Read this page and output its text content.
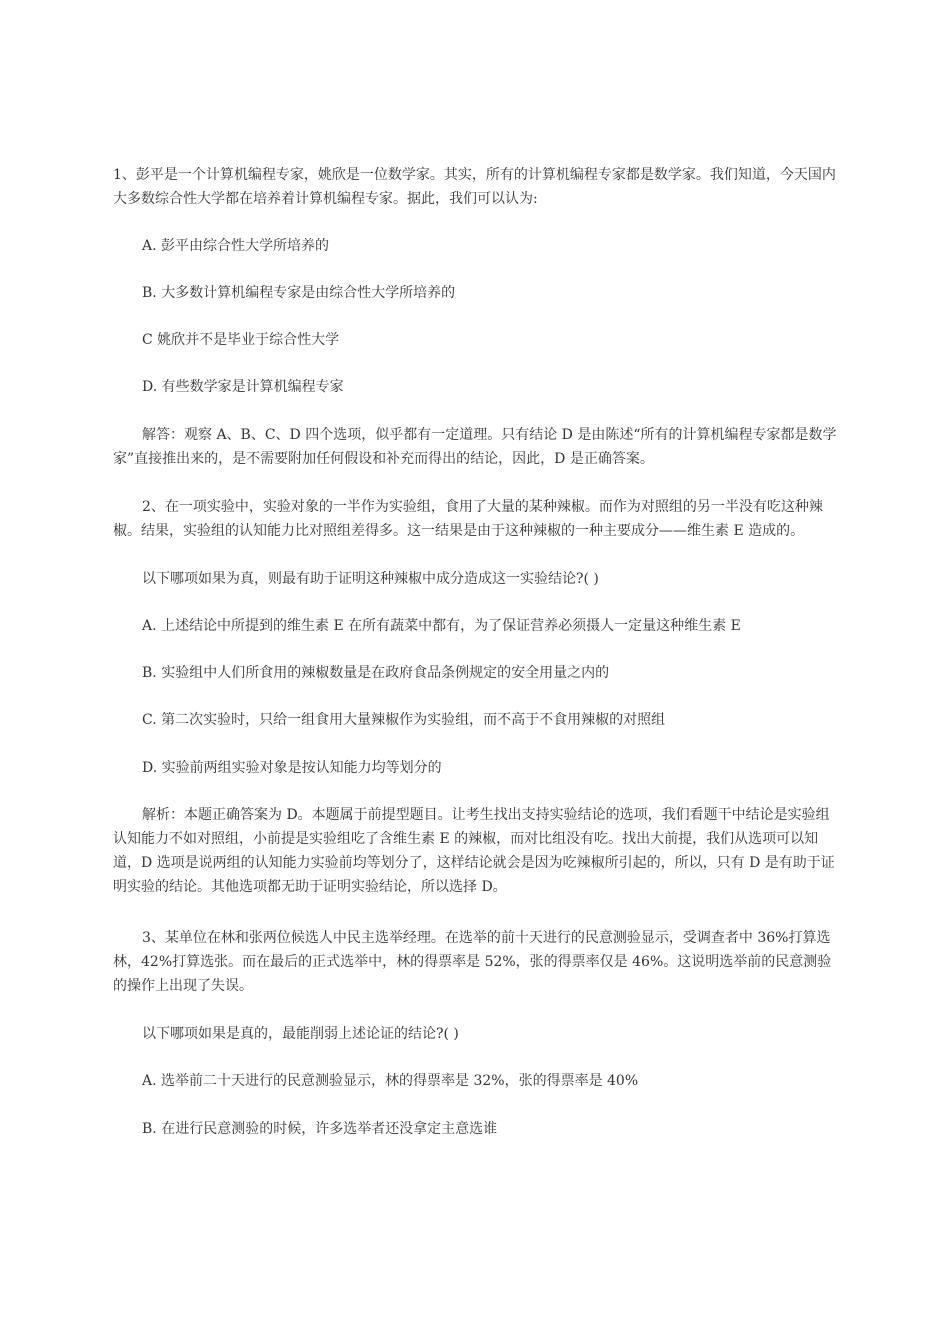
1、彭平是一个计算机编程专家，姚欣是一位数学家。其实，所有的计算机编程专家都是数学家。我们知道，今天国内大多数综合性大学都在培养着计算机编程专家。据此，我们可以认为:

A. 彭平由综合性大学所培养的

B. 大多数计算机编程专家是由综合性大学所培养的

C 姚欣并不是毕业于综合性大学

D. 有些数学家是计算机编程专家

解答：观察 A、B、C、D 四个选项，似乎都有一定道理。只有结论 D 是由陈述“所有的计算机编程专家都是数学家”直接推出来的，是不需要附加任何假设和补充而得出的结论，因此，D 是正确答案。

2、在一项实验中，实验对象的一半作为实验组，食用了大量的某种辣椒。而作为对照组的另一半没有吃这种辣椒。结果，实验组的认知能力比对照组差得多。这一结果是由于这种辣椒的一种主要成分——维生素 E 造成的。

以下哪项如果为真，则最有助于证明这种辣椒中成分造成这一实验结论?( )

A. 上述结论中所提到的维生素 E 在所有蔬菜中都有，为了保证营养必须摄人一定量这种维生素 E

B. 实验组中人们所食用的辣椒数量是在政府食品条例规定的安全用量之内的

C. 第二次实验时，只给一组食用大量辣椒作为实验组，而不高于不食用辣椒的对照组

D. 实验前两组实验对象是按认知能力均等划分的

解析：本题正确答案为 D。本题属于前提型题目。让考生找出支持实验结论的选项，我们看题干中结论是实验组认知能力不如对照组，小前提是实验组吃了含维生素 E 的辣椒，而对比组没有吃。找出大前提，我们从选项可以知道，D 选项是说两组的认知能力实验前均等划分了，这样结论就会是因为吃辣椒所引起的，所以，只有 D 是有助于证明实验的结论。其他选项都无助于证明实验结论，所以选择 D。

3、某单位在林和张两位候选人中民主选举经理。在选举的前十天进行的民意测验显示，受调查者中 36%打算选林，42%打算选张。而在最后的正式选举中，林的得票率是 52%，张的得票率仅是 46%。这说明选举前的民意测验的操作上出现了失误。

以下哪项如果是真的，最能削弱上述论证的结论?( )

A. 选举前二十天进行的民意测验显示，林的得票率是 32%，张的得票率是 40%

B. 在进行民意测验的时候，许多选举者还没拿定主意选谁
